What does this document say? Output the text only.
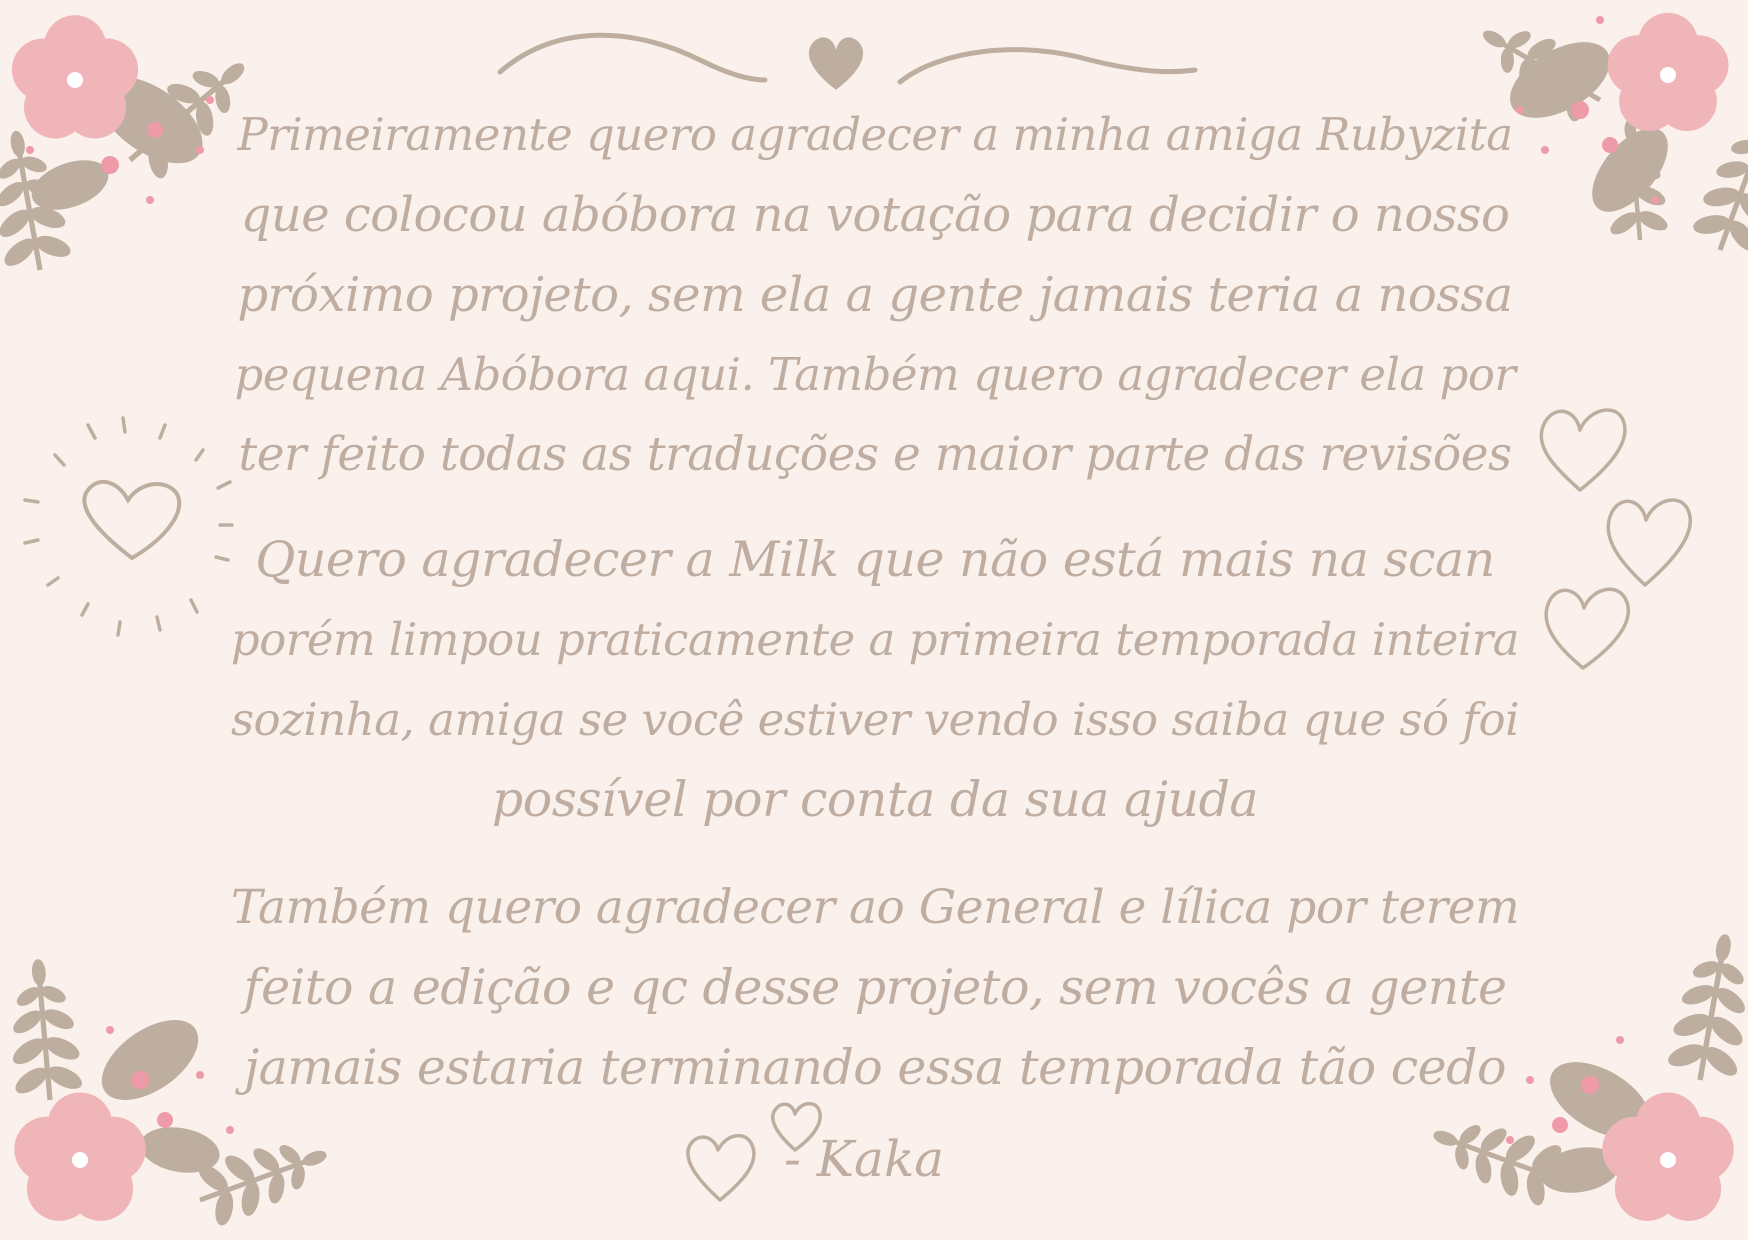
Primeiramente quero agradecer a minha amiga Rubyzita
que colocou abóbora na votação para decidir o nosso
próximo projeto, sem ela a gente jamais teria a nossa
pequena Abóbora aqui. Também quero agradecer ela por
ter feito todas as traduções e maior parte das revisões
Quero agradecer a Milk que não está mais na scan
porém limpou praticamente a primeira temporada inteira
sozinha, amiga se você estiver vendo isso saiba que só foi
possível por conta da sua ajuda
Também quero agradecer ao General e lílica por terem
feito a edição e qc desse projeto, sem vocês a gente
jamais estaria terminando essa temporada tão cedo
- Kaka
